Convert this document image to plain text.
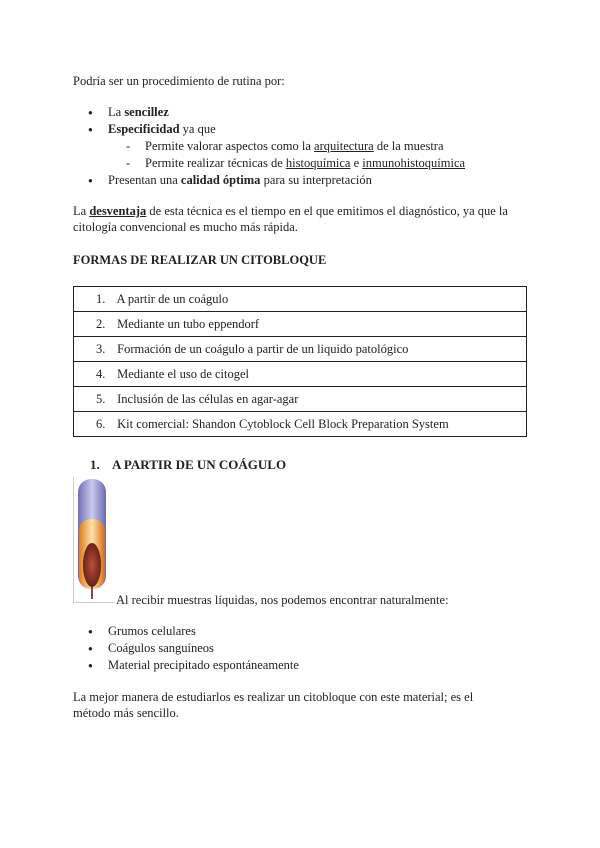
Podría ser un procedimiento de rutina por:
● La sencillez
● Especificidad ya que
- Permite valorar aspectos como la arquitectura de la muestra
- Permite realizar técnicas de histoquímica e inmunohistoquímica
● Presentan una calidad óptima para su interpretación
La desventaja de esta técnica es el tiempo en el que emitimos el diagnóstico, ya que la citología convencional es mucho más rápida.
FORMAS DE REALIZAR UN CITOBLOQUE
1. A partir de un coágulo
2. Mediante un tubo eppendorf
3. Formación de un coágulo a partir de un liquido patológico
4. Mediante el uso de citogel
5. Inclusión de las células en agar-agar
6. Kit comercial: Shandon Cytoblock Cell Block Preparation System
1. A PARTIR DE UN COÁGULO
Al recibir muestras líquidas, nos podemos encontrar naturalmente:
● Grumos celulares
● Coágulos sanguíneos
● Material precipitado espontáneamente
La mejor manera de estudiarlos es realizar un citobloque con este material; es el método más sencillo.
